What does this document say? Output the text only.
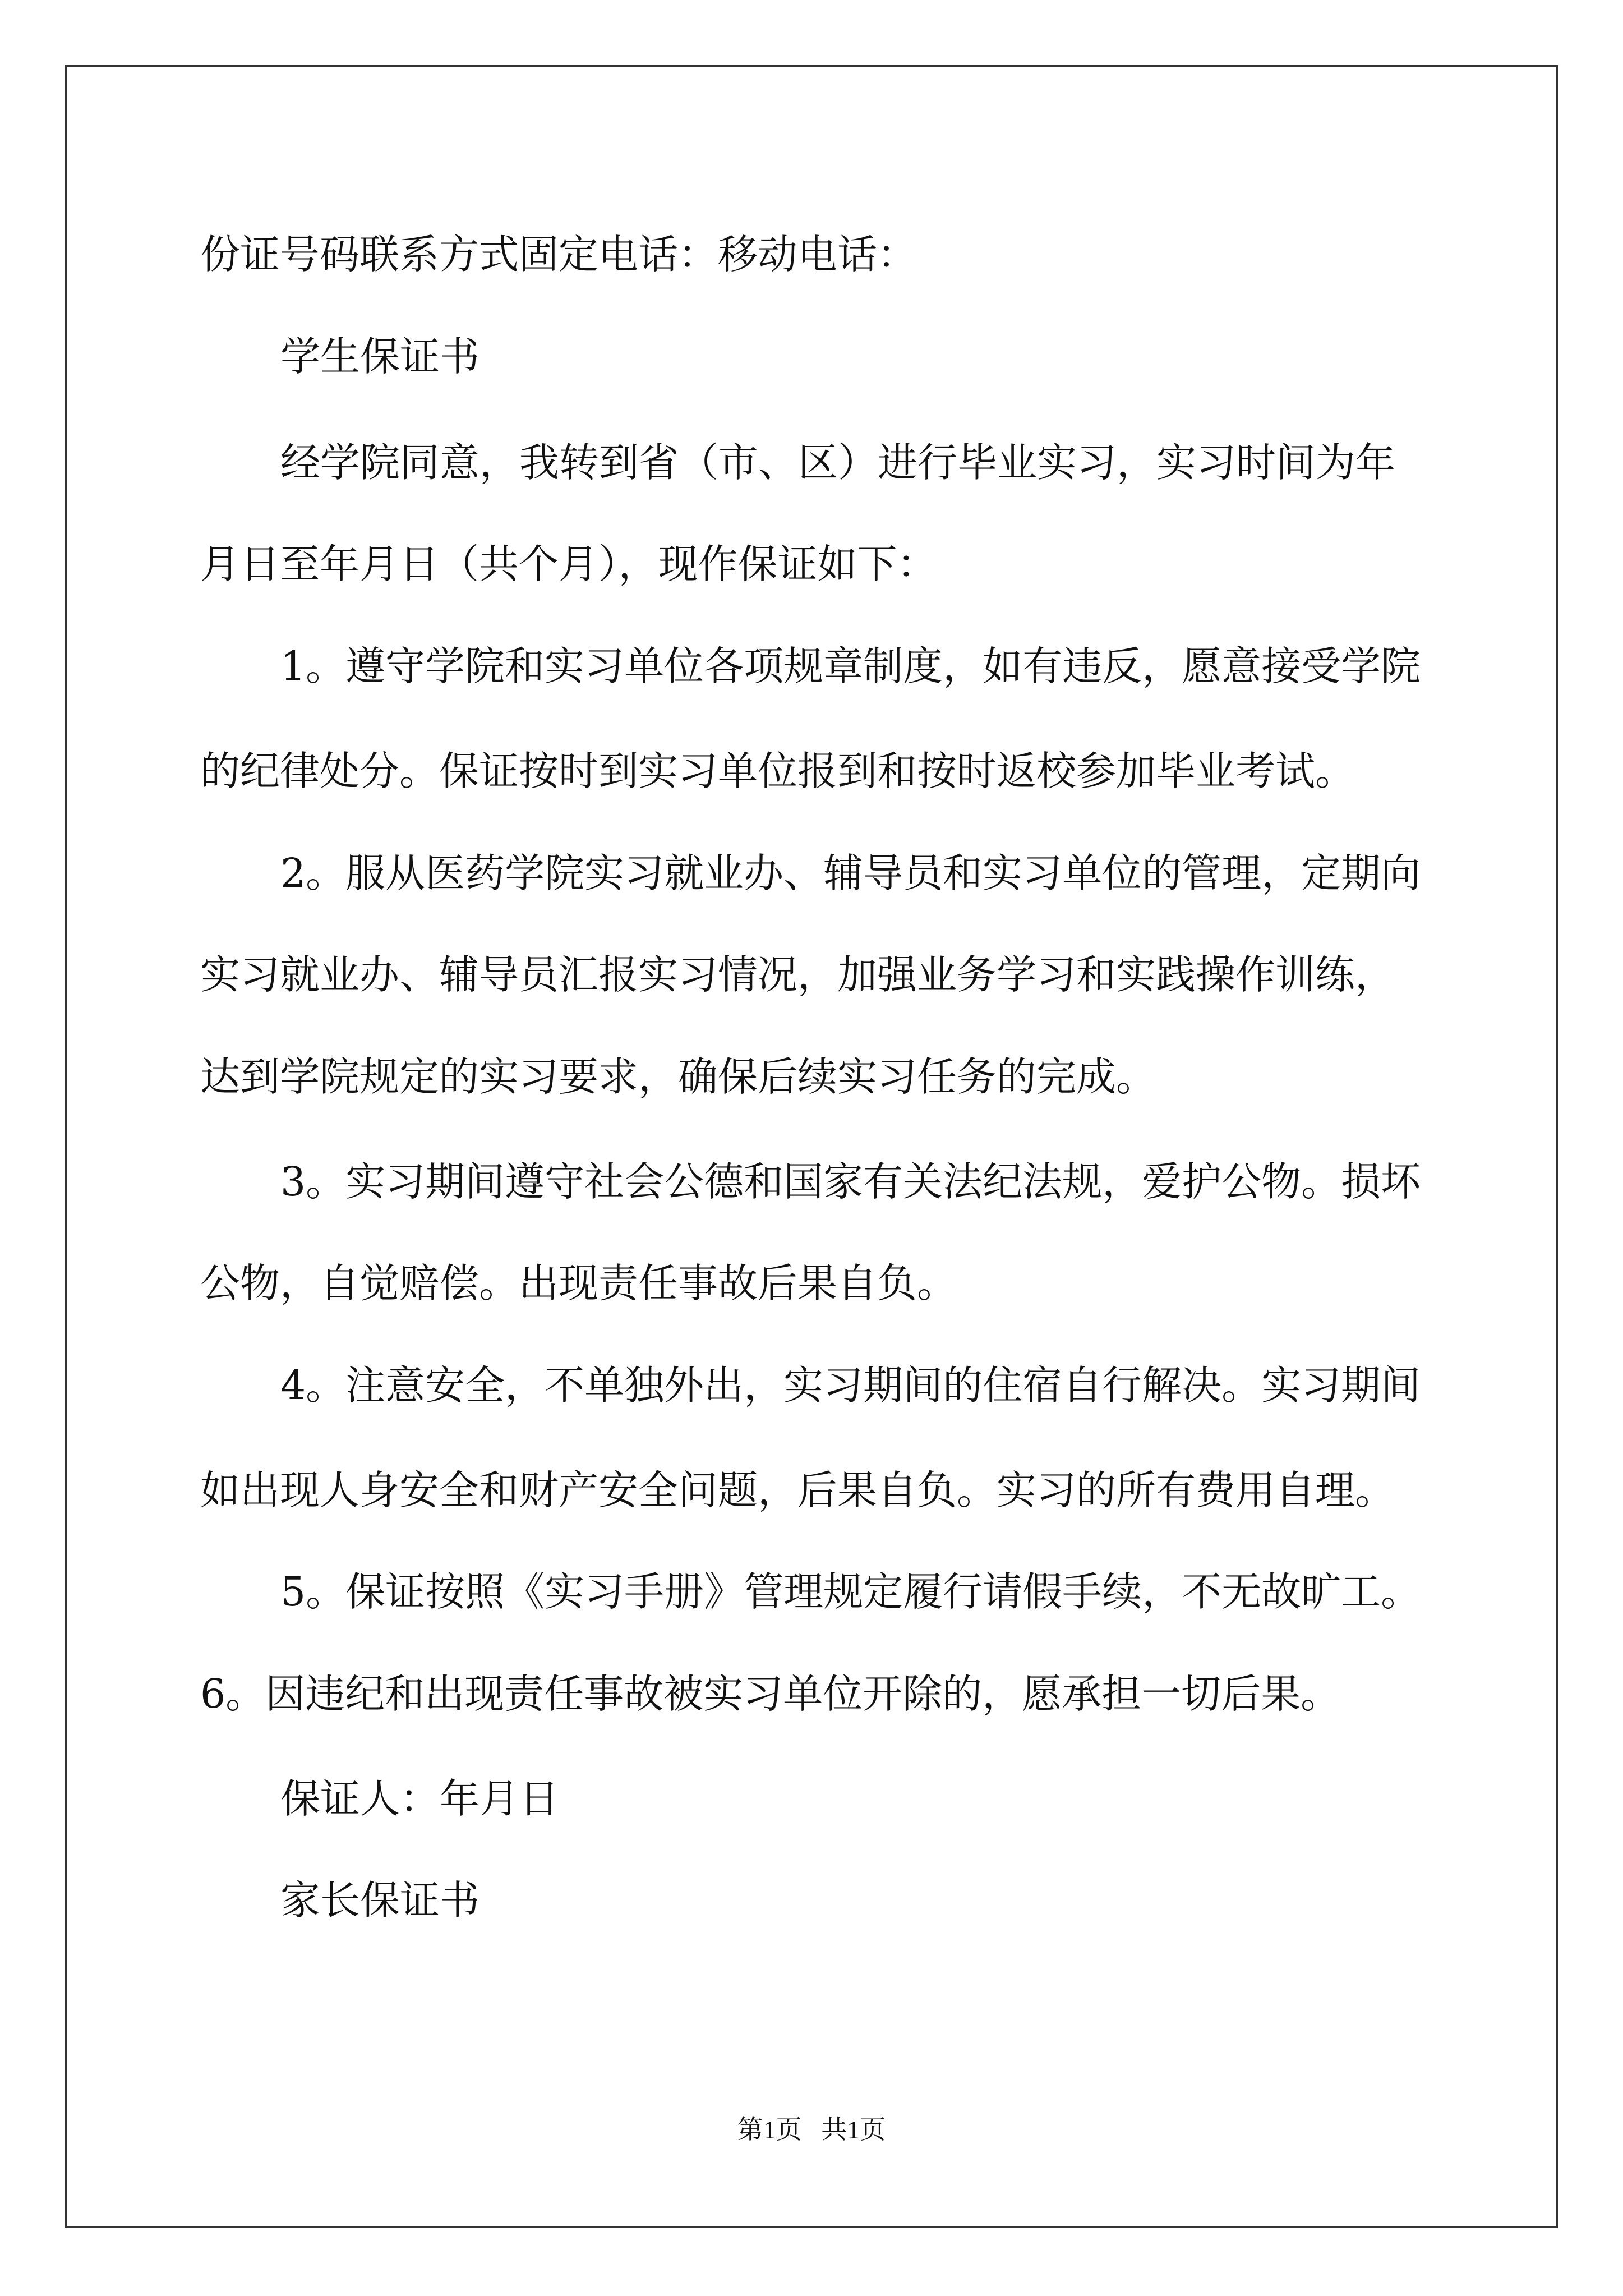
份证号码联系方式固定电话：移动电话：

学生保证书

经学院同意，我转到省（市、区）进行毕业实习，实习时间为年

月日至年月日（共个月），现作保证如下：

1。遵守学院和实习单位各项规章制度，如有违反，愿意接受学院

的纪律处分。保证按时到实习单位报到和按时返校参加毕业考试。

2。服从医药学院实习就业办、辅导员和实习单位的管理，定期向

实习就业办、辅导员汇报实习情况，加强业务学习和实践操作训练，

达到学院规定的实习要求，确保后续实习任务的完成。

3。实习期间遵守社会公德和国家有关法纪法规，爱护公物。损坏

公物，自觉赔偿。出现责任事故后果自负。

4。注意安全，不单独外出，实习期间的住宿自行解决。实习期间

如出现人身安全和财产安全问题，后果自负。实习的所有费用自理。

5。保证按照《实习手册》管理规定履行请假手续，不无故旷工。

6。因违纪和出现责任事故被实习单位开除的，愿承担一切后果。

保证人：年月日

家长保证书

第1页 共1页
